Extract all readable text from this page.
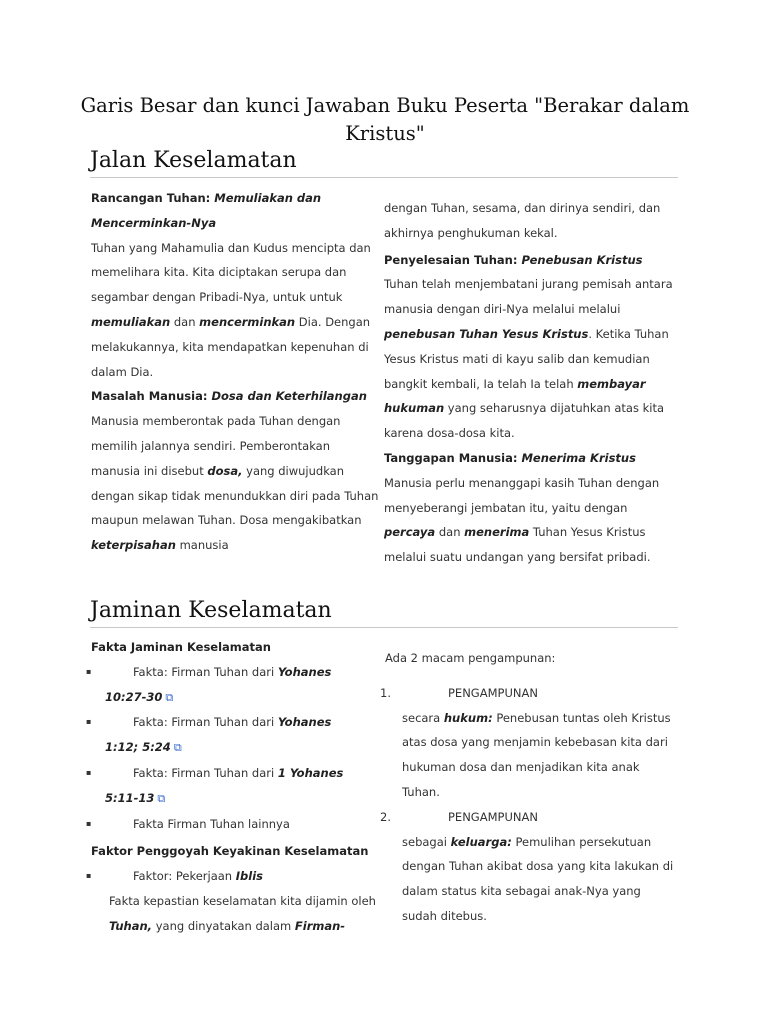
Garis Besar dan kunci Jawaban Buku Peserta "Berakar dalam Kristus"
Jalan Keselamatan

Rancangan Tuhan: Memuliakan dan Mencerminkan-Nya

Tuhan yang Mahamulia dan Kudus mencipta dan memelihara kita. Kita diciptakan serupa dan segambar dengan Pribadi-Nya, untuk untuk memuliakan dan mencerminkan Dia. Dengan melakukannya, kita mendapatkan kepenuhan di dalam Dia.

Masalah Manusia: Dosa dan Keterhilangan

Manusia memberontak pada Tuhan dengan memilih jalannya sendiri. Pemberontakan manusia ini disebut dosa, yang diwujudkan dengan sikap tidak menundukkan diri pada Tuhan maupun melawan Tuhan. Dosa mengakibatkan keterpisahan manusia

dengan Tuhan, sesama, dan dirinya sendiri, dan akhirnya penghukuman kekal.

Penyelesaian Tuhan: Penebusan Kristus

Tuhan telah menjembatani jurang pemisah antara manusia dengan diri-Nya melalui melalui penebusan Tuhan Yesus Kristus. Ketika Tuhan Yesus Kristus mati di kayu salib dan kemudian bangkit kembali, Ia telah Ia telah membayar hukuman yang seharusnya dijatuhkan atas kita karena dosa-dosa kita.

Tanggapan Manusia: Menerima Kristus

Manusia perlu menanggapi kasih Tuhan dengan menyeberangi jembatan itu, yaitu dengan percaya dan menerima Tuhan Yesus Kristus melalui suatu undangan yang bersifat pribadi.

Jaminan Keselamatan

Fakta Jaminan Keselamatan

▪ Fakta: Firman Tuhan dari Yohanes
10:27-30 ⧉

▪ Fakta: Firman Tuhan dari Yohanes
1:12; 5:24 ⧉

▪ Fakta: Firman Tuhan dari 1 Yohanes
5:11-13 ⧉

▪ Fakta Firman Tuhan lainnya

Faktor Penggoyah Keyakinan Keselamatan

▪ Faktor: Pekerjaan Iblis

Fakta kepastian keselamatan kita dijamin oleh Tuhan, yang dinyatakan dalam Firman-

Ada 2 macam pengampunan:

1.	PENGAMPUNAN

secara hukum: Penebusan tuntas oleh Kristus atas dosa yang menjamin kebebasan kita dari hukuman dosa dan menjadikan kita anak Tuhan.

2.	PENGAMPUNAN

sebagai keluarga: Pemulihan persekutuan dengan Tuhan akibat dosa yang kita lakukan di dalam status kita sebagai anak-Nya yang sudah ditebus.
